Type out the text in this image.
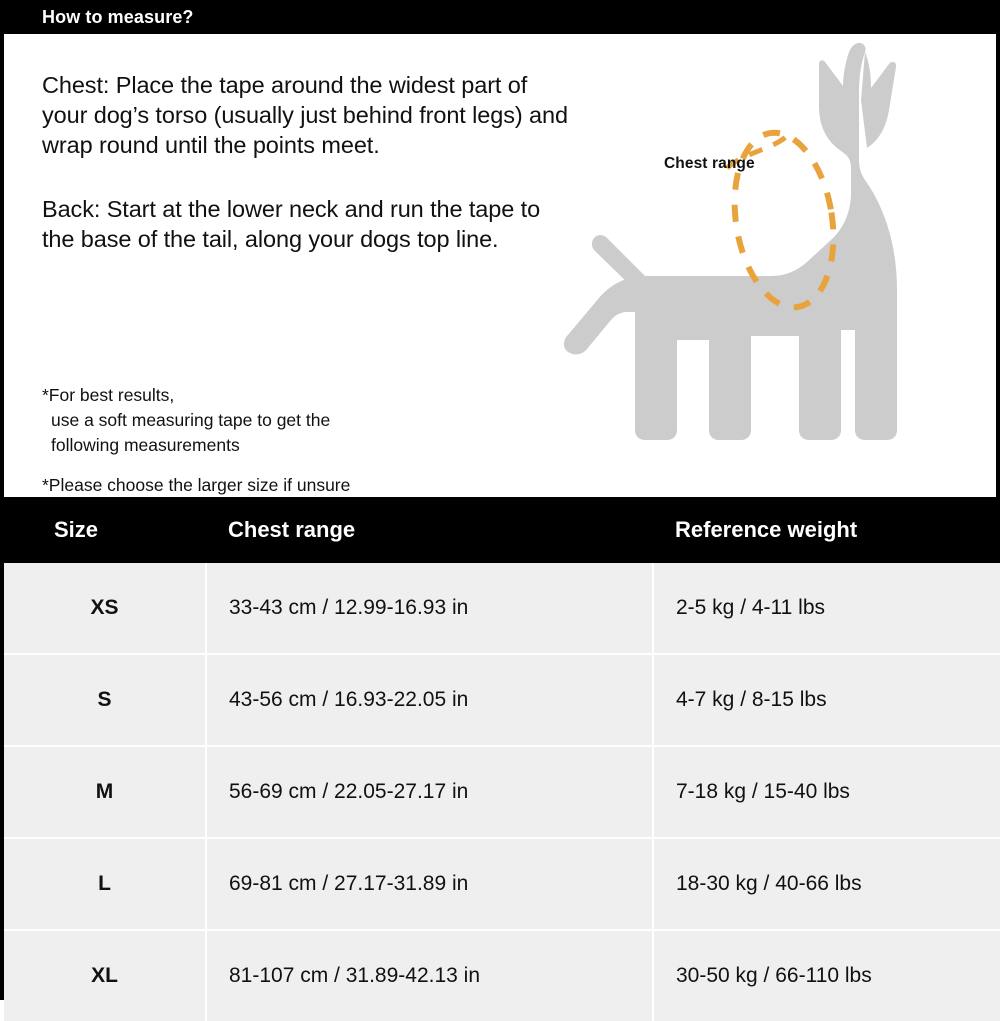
How to measure?

Chest: Place the tape around the widest part of your dog’s torso (usually just behind front legs) and wrap round until the points meet.

Back: Start at the lower neck and run the tape to the base of the tail, along your dogs top line.

*For best results,
use a soft measuring tape to get the
following measurements
*Please choose the larger size if unsure
Chest range
Size	Chest range	Reference weight
XS	33-43 cm / 12.99-16.93 in	2-5 kg / 4-11 lbs
S	43-56 cm / 16.93-22.05 in	4-7 kg / 8-15 lbs
M	56-69 cm / 22.05-27.17 in	7-18 kg / 15-40 lbs
L	69-81 cm / 27.17-31.89 in	18-30 kg / 40-66 lbs
XL	81-107 cm / 31.89-42.13 in	30-50 kg / 66-110 lbs
